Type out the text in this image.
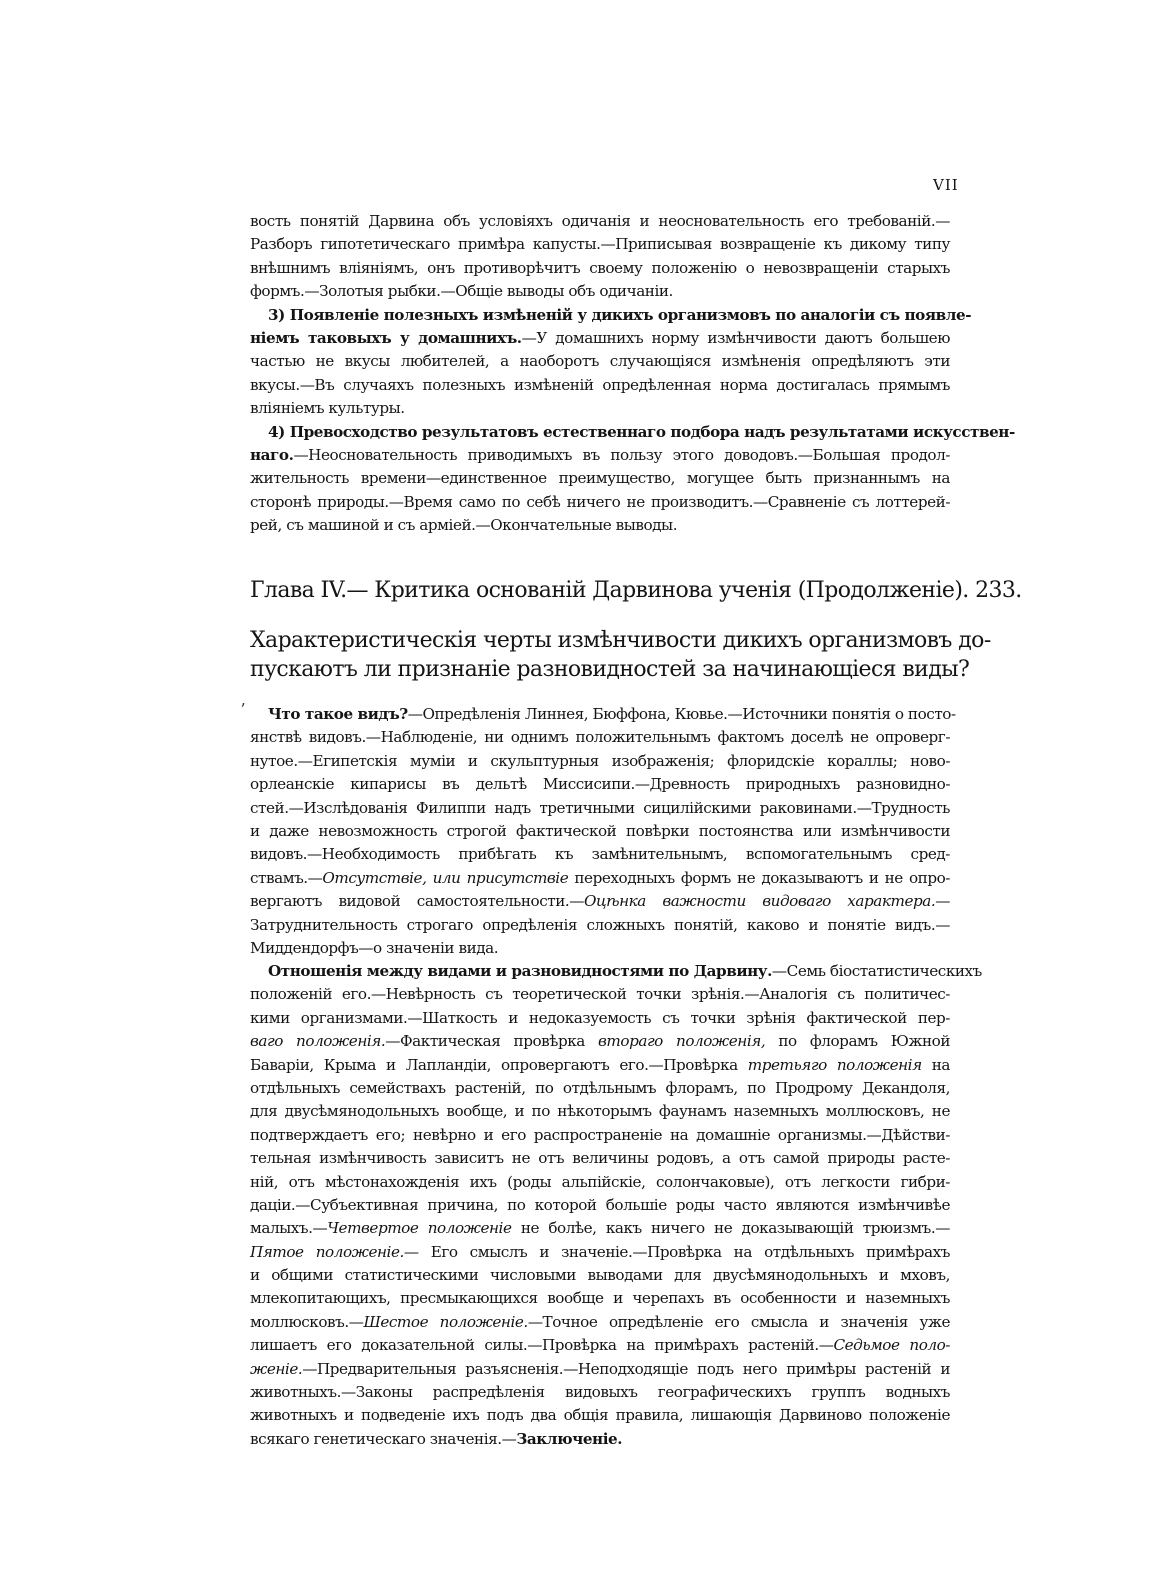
VII
вость понятій Дарвина объ условіяхъ одичанія и неосновательность его требованій.—
Разборъ гипотетическаго примѣра капусты.—Приписывая возвращеніе къ дикому типу
внѣшнимъ вліяніямъ, онъ противорѣчитъ своему положенію о невозвращеніи старыхъ
формъ.—Золотыя рыбки.—Общіе выводы объ одичаніи.
3) Появленіе полезныхъ измѣненій у дикихъ организмовъ по аналогіи съ появле-
ніемъ таковыхъ у домашнихъ.—У домашнихъ норму измѣнчивости даютъ большею
частью не вкусы любителей, а наоборотъ случающіяся измѣненія опредѣляютъ эти
вкусы.—Въ случаяхъ полезныхъ измѣненій опредѣленная норма достигалась прямымъ
вліяніемъ культуры.
4) Превосходство результатовъ естественнаго подбора надъ результатами искусствен-
наго.—Неосновательность приводимыхъ въ пользу этого доводовъ.—Большая продол-
жительность времени—единственное преимущество, могущее быть признаннымъ на
сторонѣ природы.—Время само по себѣ ничего не производитъ.—Сравненіе съ лоттерей-
рей, съ машиной и съ арміей.—Окончательные выводы.
Глава IV.— Критика основаній Дарвинова ученія (Продолженіе). 233.
Характеристическія черты измѣнчивости дикихъ организмовъ до-
пускаютъ ли признаніе разновидностей за начинающіеся виды?
ʼ	Что такое видъ?—Опредѣленія Линнея, Бюффона, Кювье.—Источники понятія о посто-
янствѣ видовъ.—Наблюденіе, ни однимъ положительнымъ фактомъ доселѣ не опроверг-
нутое.—Египетскія муміи и скульптурныя изображенія; флоридскіе кораллы; ново-
орлеанскіе кипарисы въ дельтѣ Миссисипи.—Древность природныхъ разновидно-
стей.—Изслѣдованія Филиппи надъ третичными сицилійскими раковинами.—Трудность
и даже невозможность строгой фактической повѣрки постоянства или измѣнчивости
видовъ.—Необходимость прибѣгать къ замѣнительнымъ, вспомогательнымъ сред-
ствамъ.—Отсутствіе, или присутствіе переходныхъ формъ не доказываютъ и не опро-
вергаютъ видовой самостоятельности.—Оцѣнка важности видоваго характера.—
Затруднительность строгаго опредѣленія сложныхъ понятій, каково и понятіе видъ.—
Миддендорфъ—о значеніи вида.
Отношенія между видами и разновидностями по Дарвину.—Семь біостатистическихъ
положеній его.—Невѣрность съ теоретической точки зрѣнія.—Аналогія съ политичес-
кими организмами.—Шаткость и недоказуемость съ точки зрѣнія фактической пер-
ваго положенія.—Фактическая провѣрка втораго положенія, по флорамъ Южной
Баваріи, Крыма и Лапландіи, опровергаютъ его.—Провѣрка третьяго положенія на
отдѣльныхъ семействахъ растеній, по отдѣльнымъ флорамъ, по Продрому Декандоля,
для двусѣмянодольныхъ вообще, и по нѣкоторымъ фаунамъ наземныхъ моллюсковъ, не
подтверждаетъ его; невѣрно и его распространеніе на домашніе организмы.—Дѣйстви-
тельная измѣнчивость зависитъ не отъ величины родовъ, а отъ самой природы расте-
ній, отъ мѣстонахожденія ихъ (роды альпійскіе, солончаковые), отъ легкости гибри-
даціи.—Субъективная причина, по которой большіе роды часто являются измѣнчивѣе
малыхъ.—Четвертое положеніе не болѣе, какъ ничего не доказывающій трюизмъ.—
Пятое положеніе.— Его смыслъ и значеніе.—Провѣрка на отдѣльныхъ примѣрахъ
и общими статистическими числовыми выводами для двусѣмянодольныхъ и мховъ,
млекопитающихъ, пресмыкающихся вообще и черепахъ въ особенности и наземныхъ
моллюсковъ.—Шестое положеніе.—Точное опредѣленіе его смысла и значенія уже
лишаетъ его доказательной силы.—Провѣрка на примѣрахъ растеній.—Седьмое поло-
женіе.—Предварительныя разъясненія.—Неподходящіе подъ него примѣры растеній и
животныхъ.—Законы распредѣленія видовыхъ географическихъ группъ водныхъ
животныхъ и подведеніе ихъ подъ два общія правила, лишающія Дарвиново положеніе
всякаго генетическаго значенія.—Заключеніе.
